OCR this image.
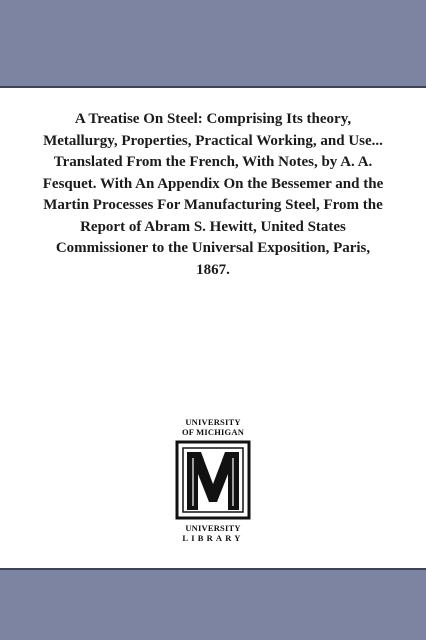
A Treatise On Steel: Comprising Its theory, Metallurgy, Properties, Practical Working, and Use... Translated From the French, With Notes, by A. A. Fesquet. With An Appendix On the Bessemer and the Martin Processes For Manufacturing Steel, From the Report of Abram S. Hewitt, United States Commissioner to the Universal Exposition, Paris, 1867.

UNIVERSITY
OF MICHIGAN
UNIVERSITY
LIBRARY
